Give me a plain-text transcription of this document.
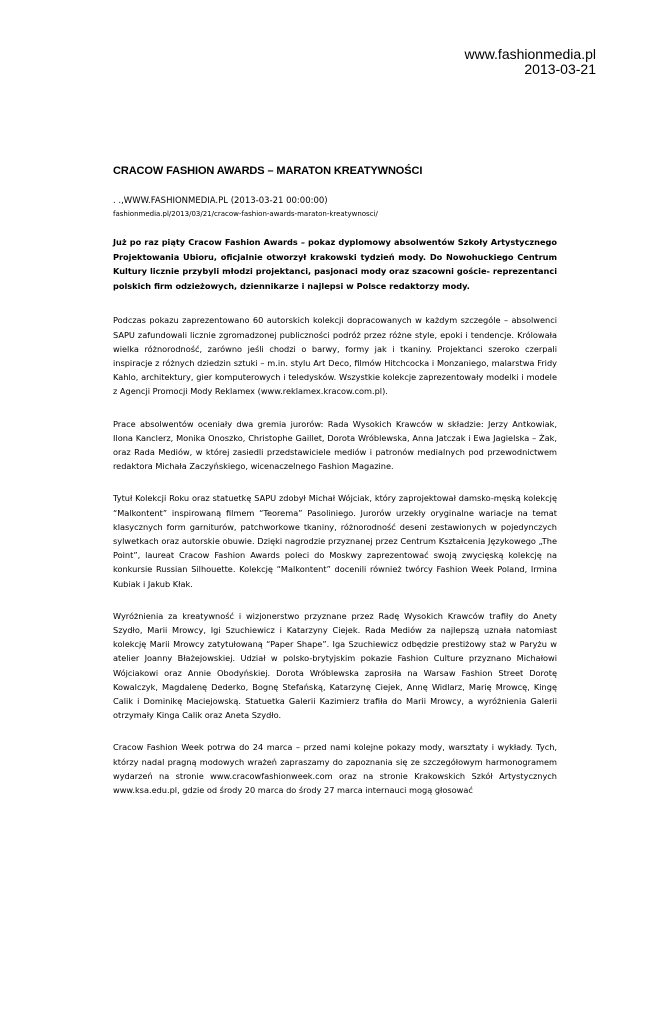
www.fashionmedia.pl
2013-03-21

CRACOW FASHION AWARDS – MARATON KREATYWNOŚCI

. .,WWW.FASHIONMEDIA.PL (2013-03-21 00:00:00)

fashionmedia.pl/2013/03/21/cracow-fashion-awards-maraton-kreatywnosci/

Już po raz piąty Cracow Fashion Awards – pokaz dyplomowy absolwentów Szkoły Artystycznego Projektowania Ubioru, oficjalnie otworzył krakowski tydzień mody. Do Nowohuckiego Centrum Kultury licznie przybyli młodzi projektanci, pasjonaci mody oraz szacowni goście- reprezentanci polskich firm odzieżowych, dziennikarze i najlepsi w Polsce redaktorzy mody.

Podczas pokazu zaprezentowano 60 autorskich kolekcji dopracowanych w każdym szczególe – absolwenci SAPU zafundowali licznie zgromadzonej publiczności podróż przez różne style, epoki i tendencje. Królowała wielka różnorodność, zarówno jeśli chodzi o barwy, formy jak i tkaniny. Projektanci szeroko czerpali inspiracje z różnych dziedzin sztuki – m.in. stylu Art Deco, filmów Hitchcocka i Monzaniego, malarstwa Fridy Kahlo, architektury, gier komputerowych i teledysków. Wszystkie kolekcje zaprezentowały modelki i modele z Agencji Promocji Mody Reklamex (www.reklamex.kracow.com.pl).

Prace absolwentów oceniały dwa gremia jurorów: Rada Wysokich Krawców w składzie: Jerzy Antkowiak, Ilona Kanclerz, Monika Onoszko, Christophe Gaillet, Dorota Wróblewska, Anna Jatczak i Ewa Jagielska – Żak, oraz Rada Mediów, w której zasiedli przedstawiciele mediów i patronów medialnych pod przewodnictwem redaktora Michała Zaczyńskiego, wicenaczelnego Fashion Magazine.

Tytuł Kolekcji Roku oraz statuetkę SAPU zdobył Michał Wójciak, który zaprojektował damsko-męską kolekcję “Malkontent” inspirowaną filmem “Teorema” Pasoliniego. Jurorów urzekły oryginalne wariacje na temat klasycznych form garniturów, patchworkowe tkaniny, różnorodność deseni zestawionych w pojedynczych sylwetkach oraz autorskie obuwie. Dzięki nagrodzie przyznanej przez Centrum Kształcenia Językowego „The Point”, laureat Cracow Fashion Awards poleci do Moskwy zaprezentować swoją zwycięską kolekcję na konkursie Russian Silhouette. Kolekcję “Malkontent” docenili również twórcy Fashion Week Poland, Irmina Kubiak i Jakub Kłak.

Wyróżnienia za kreatywność i wizjonerstwo przyznane przez Radę Wysokich Krawców trafiły do Anety Szydło, Marii Mrowcy, Igi Szuchiewicz i Katarzyny Ciejek. Rada Mediów za najlepszą uznała natomiast kolekcję Marii Mrowcy zatytułowaną “Paper Shape”. Iga Szuchiewicz odbędzie prestiżowy staż w Paryżu w atelier Joanny Błażejowskiej. Udział w polsko-brytyjskim pokazie Fashion Culture przyznano Michałowi Wójciakowi oraz Annie Obodyńskiej. Dorota Wróblewska zaprosiła na Warsaw Fashion Street Dorotę Kowalczyk, Magdalenę Dederko, Bognę Stefańską, Katarzynę Ciejek, Annę Widlarz, Marię Mrowcę, Kingę Calik i Dominikę Maciejowską. Statuetka Galerii Kazimierz trafiła do Marii Mrowcy, a wyróżnienia Galerii otrzymały Kinga Calik oraz Aneta Szydło.

Cracow Fashion Week potrwa do 24 marca – przed nami kolejne pokazy mody, warsztaty i wykłady. Tych, którzy nadal pragną modowych wrażeń zapraszamy do zapoznania się ze szczegółowym harmonogramem wydarzeń na stronie www.cracowfashionweek.com oraz na stronie Krakowskich Szkół Artystycznych www.ksa.edu.pl, gdzie od środy 20 marca do środy 27 marca internauci mogą głosować
